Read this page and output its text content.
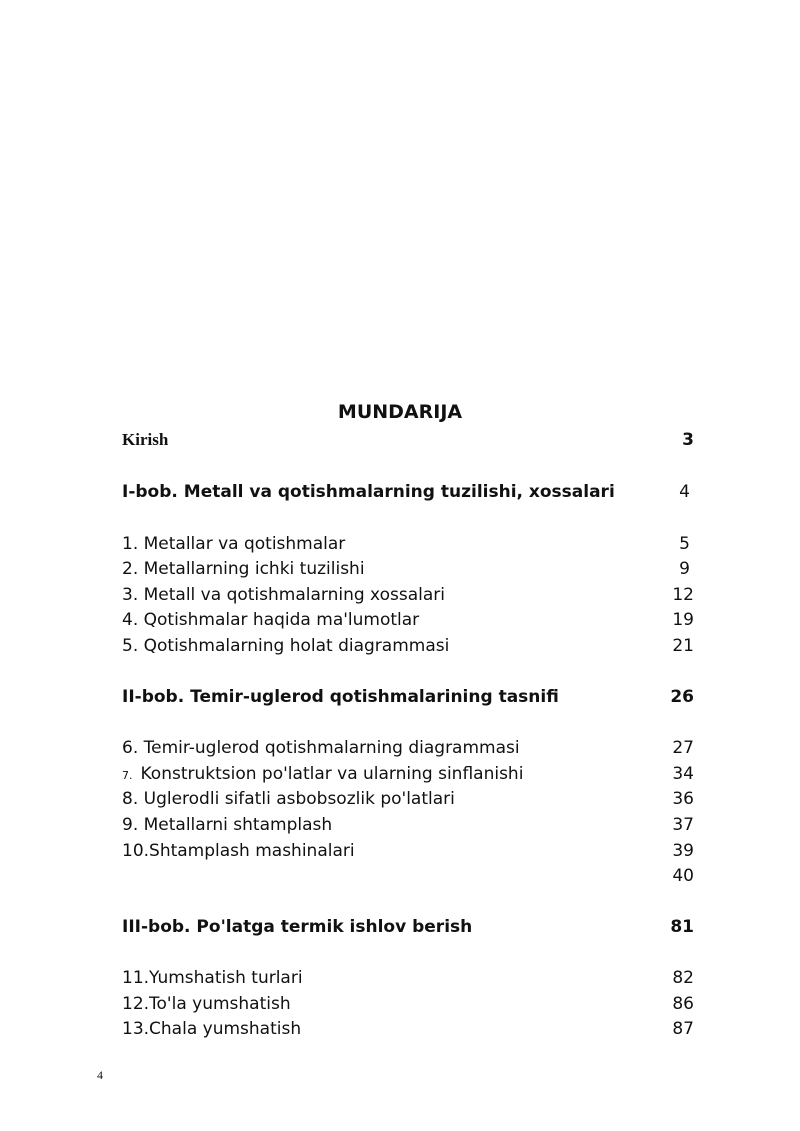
MUNDARIJA
Kirish	3
I-bob. Metall va qotishmalarning tuzilishi, xossalari	4
1. Metallar va qotishmalar	5
2. Metallarning ichki tuzilishi	9
3. Metall va qotishmalarning xossalari	12
4. Qotishmalar haqida ma'lumotlar	19
5. Qotishmalarning holat diagrammasi	21
II-bob. Temir-uglerod qotishmalarining tasnifi	26
6. Temir-uglerod qotishmalarning diagrammasi	27
7. Konstruktsion po'latlar va ularning sinflanishi	34
8. Uglerodli sifatli asbobsozlik po'latlari	36
9. Metallarni shtamplash	37
10.Shtamplash mashinalari	39
40
III-bob. Po'latga termik ishlov berish	81
11.Yumshatish turlari	82
12.To'la yumshatish	86
13.Chala yumshatish	87
4
